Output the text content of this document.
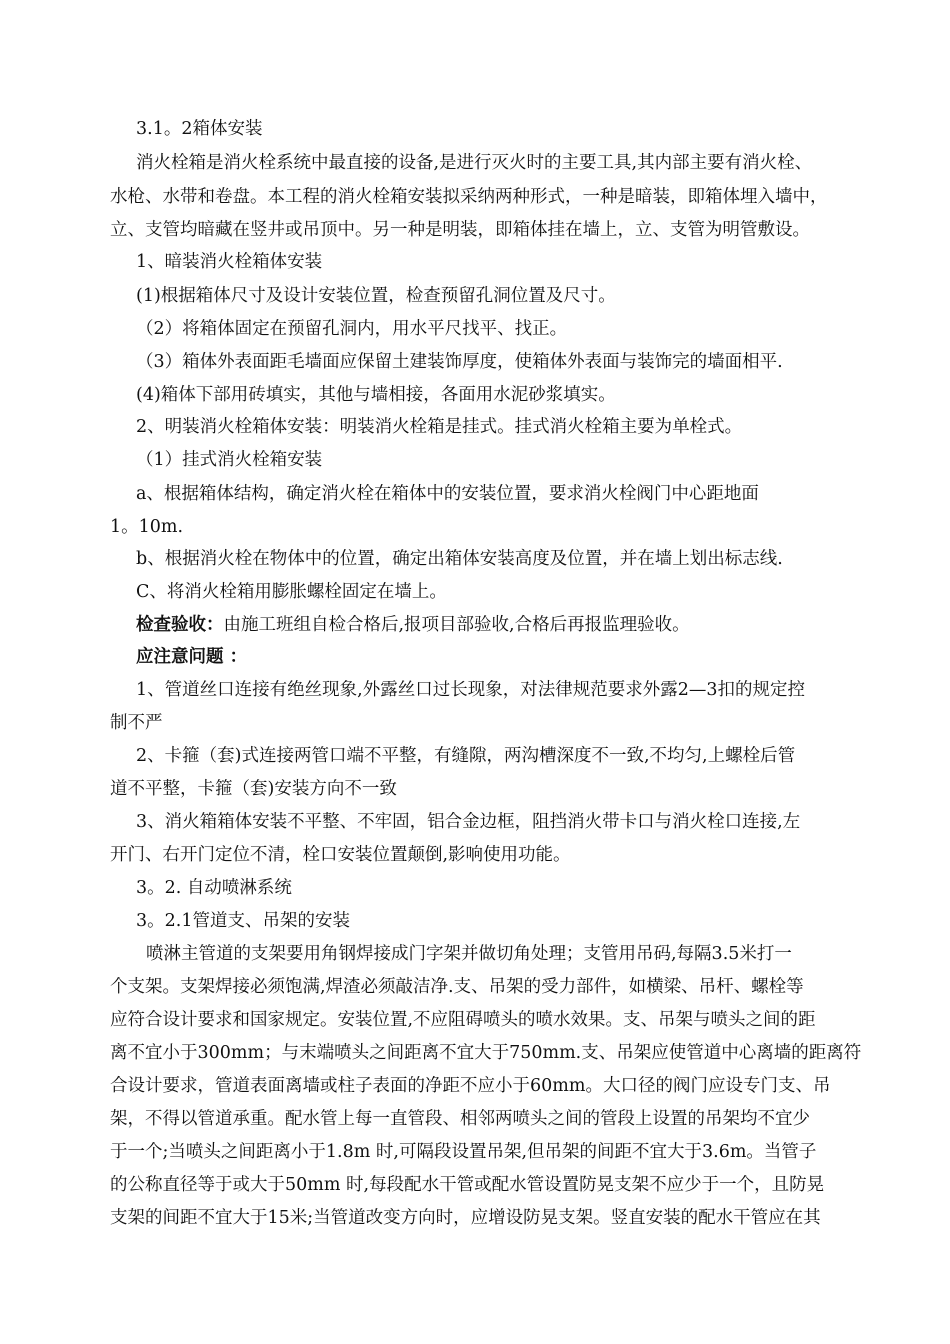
3.1。2箱体安装
消火栓箱是消火栓系统中最直接的设备,是进行灭火时的主要工具,其内部主要有消火栓、
水枪、水带和卷盘。本工程的消火栓箱安装拟采纳两种形式，一种是暗装，即箱体埋入墙中，
立、支管均暗藏在竖井或吊顶中。另一种是明装，即箱体挂在墙上，立、支管为明管敷设。
1、暗装消火栓箱体安装
(1)根据箱体尺寸及设计安装位置，检查预留孔洞位置及尺寸。
（2）将箱体固定在预留孔洞内，用水平尺找平、找正。
（3）箱体外表面距毛墙面应保留土建装饰厚度，使箱体外表面与装饰完的墙面相平.
(4)箱体下部用砖填实，其他与墙相接，各面用水泥砂浆填实。
2、明装消火栓箱体安装：明装消火栓箱是挂式。挂式消火栓箱主要为单栓式。
（1）挂式消火栓箱安装
a、根据箱体结构，确定消火栓在箱体中的安装位置，要求消火栓阀门中心距地面
1。10m.
b、根据消火栓在物体中的位置，确定出箱体安装高度及位置，并在墙上划出标志线.
C、将消火栓箱用膨胀螺栓固定在墙上。
检查验收：由施工班组自检合格后,报项目部验收,合格后再报监理验收。
应注意问题 ：
1、管道丝口连接有绝丝现象,外露丝口过长现象，对法律规范要求外露2—3扣的规定控
制不严
2、卡箍（套)式连接两管口端不平整，有缝隙，两沟槽深度不一致,不均匀,上螺栓后管
道不平整，卡箍（套)安装方向不一致
3、消火箱箱体安装不平整、不牢固，铝合金边框，阻挡消火带卡口与消火栓口连接,左
开门、右开门定位不清，栓口安装位置颠倒,影响使用功能。
3。2. 自动喷淋系统
3。2.1管道支、吊架的安装
喷淋主管道的支架要用角钢焊接成门字架并做切角处理；支管用吊码,每隔3.5米打一
个支架。支架焊接必须饱满,焊渣必须敲洁净.支、吊架的受力部件，如横梁、吊杆、螺栓等
应符合设计要求和国家规定。安装位置,不应阻碍喷头的喷水效果。支、吊架与喷头之间的距
离不宜小于300mm；与末端喷头之间距离不宜大于750mm.支、吊架应使管道中心离墙的距离符
合设计要求，管道表面离墙或柱子表面的净距不应小于60mm。大口径的阀门应设专门支、吊
架，不得以管道承重。配水管上每一直管段、相邻两喷头之间的管段上设置的吊架均不宜少
于一个;当喷头之间距离小于1.8m 时,可隔段设置吊架,但吊架的间距不宜大于3.6m。当管子
的公称直径等于或大于50mm 时,每段配水干管或配水管设置防晃支架不应少于一个，且防晃
支架的间距不宜大于15米;当管道改变方向时，应增设防晃支架。竖直安装的配水干管应在其
